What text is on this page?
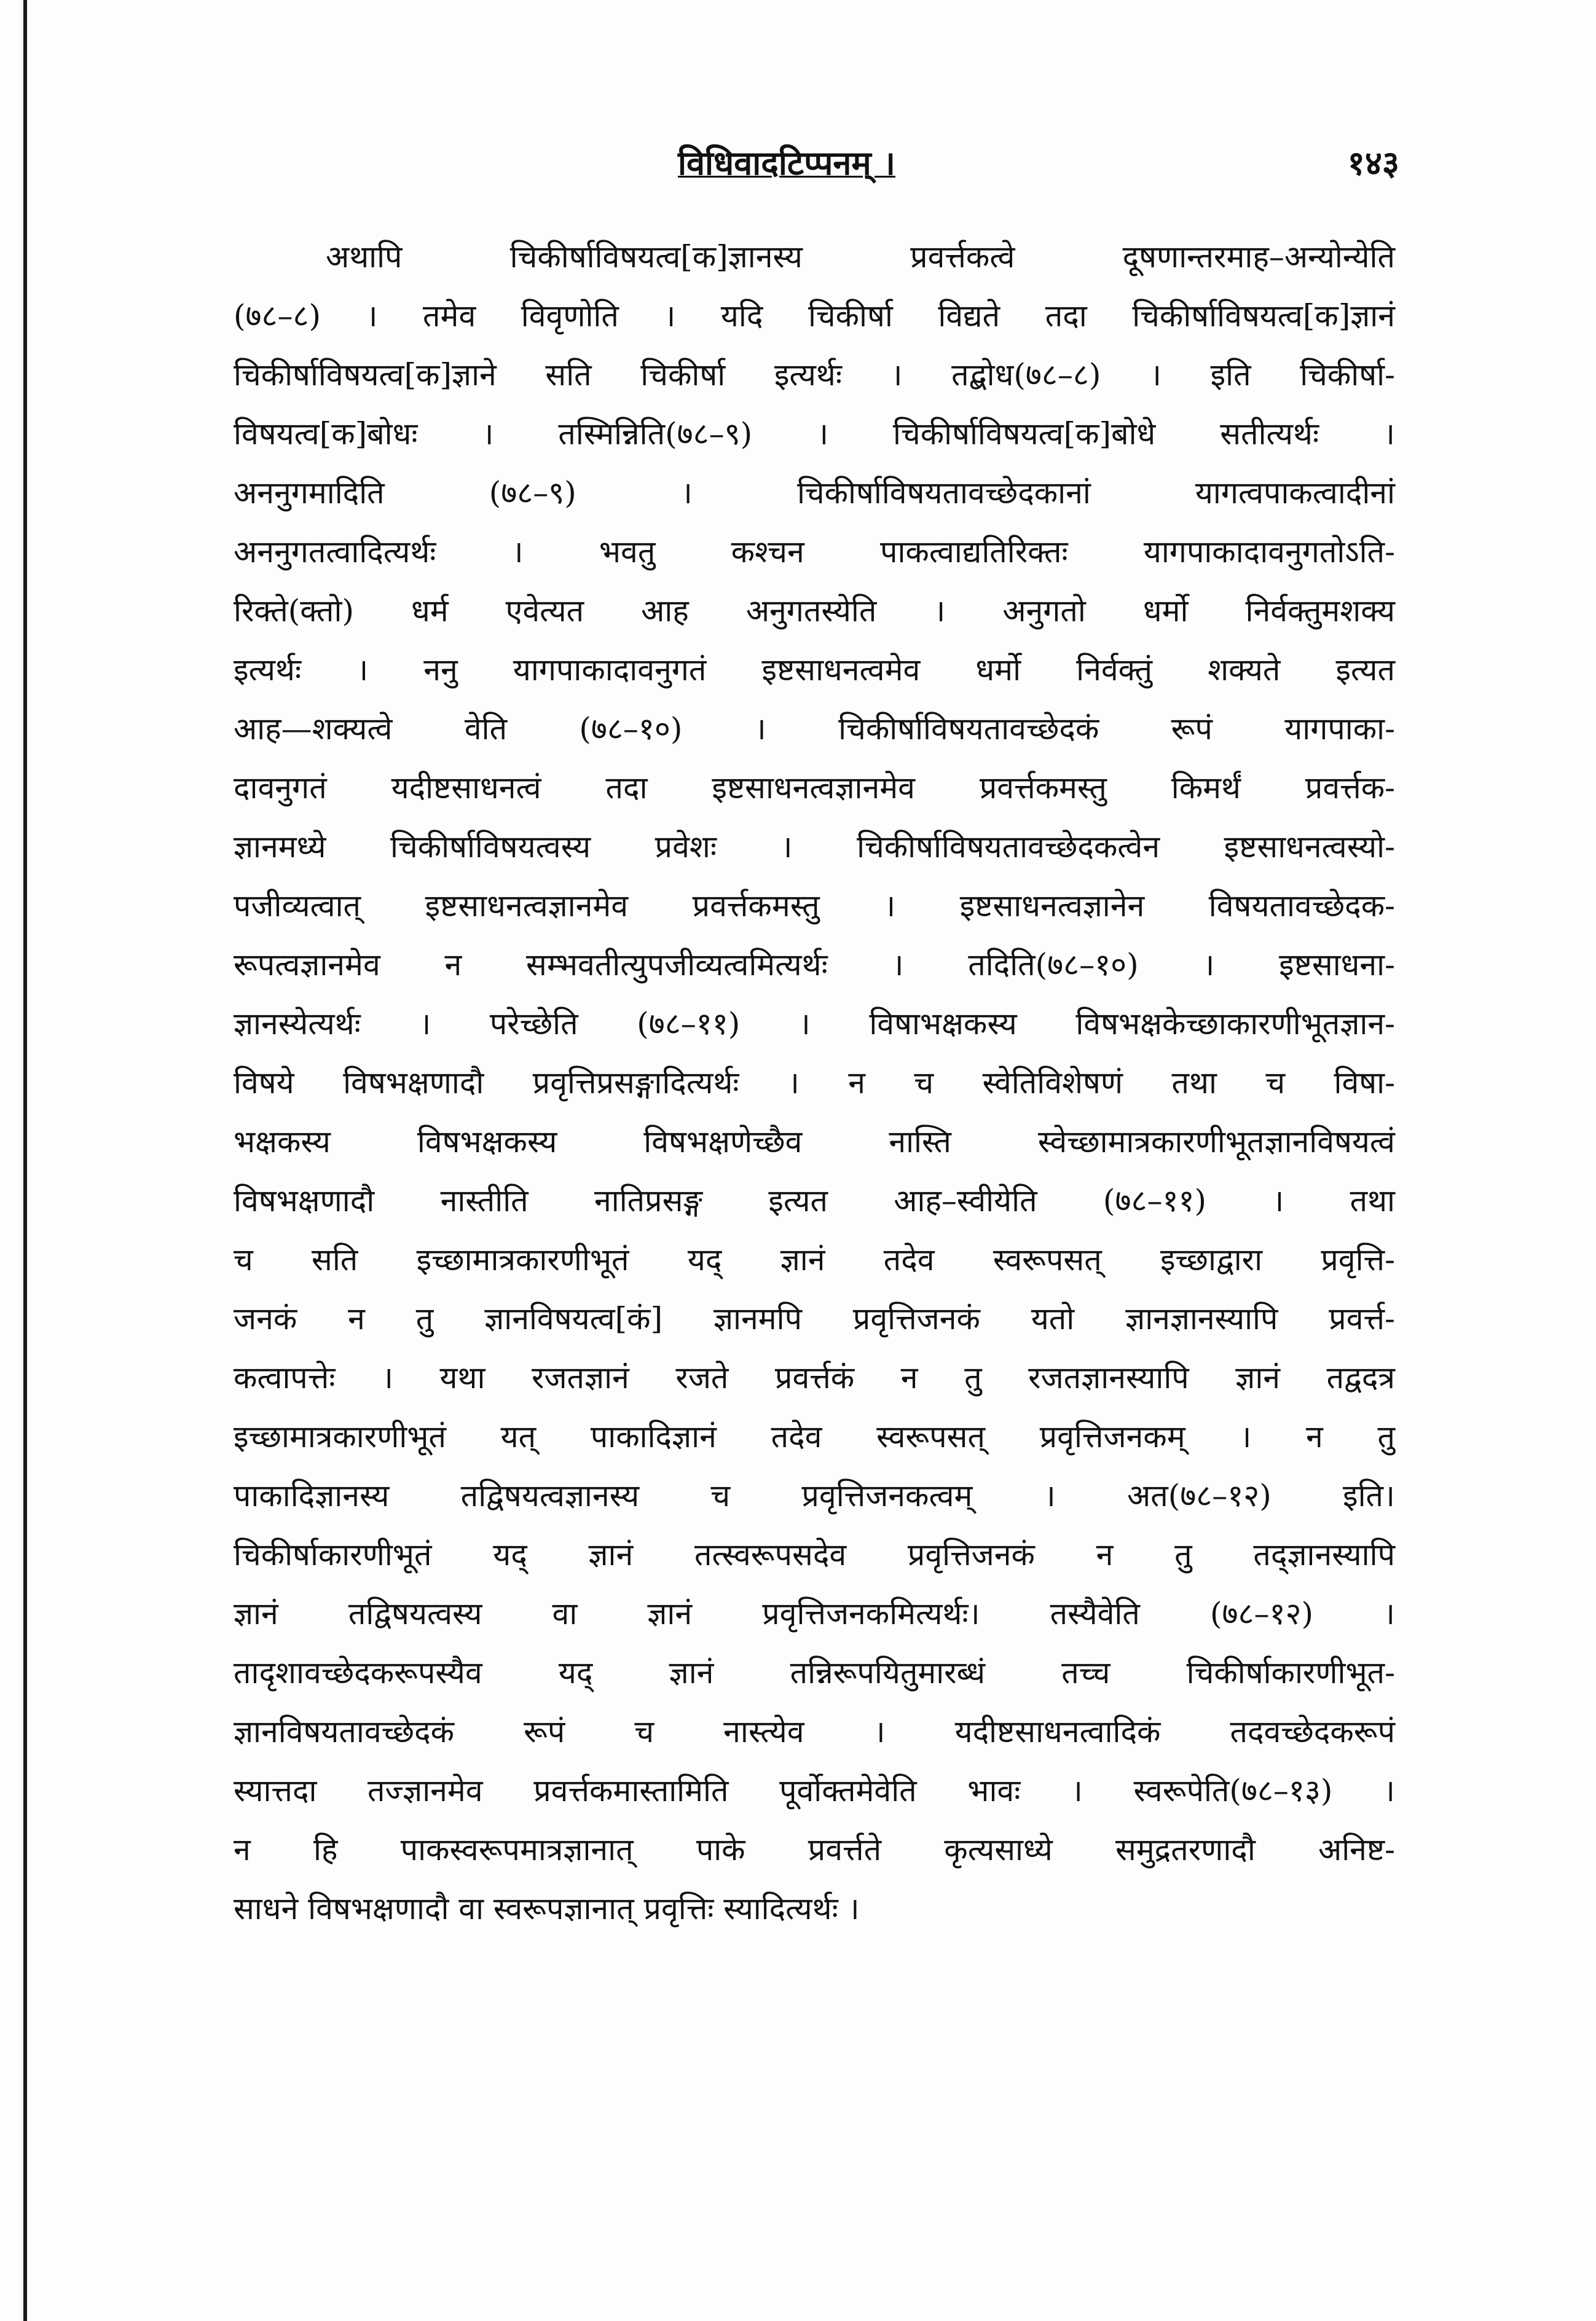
विधिवादटिप्पनम् ।	१४३
अथापि चिकीर्षाविषयत्व[क]ज्ञानस्य प्रवर्त्तकत्वे दूषणान्तरमाह–अन्योन्येति
(७८–८) । तमेव विवृणोति । यदि चिकीर्षा विद्यते तदा चिकीर्षाविषयत्व[क]ज्ञानं
चिकीर्षाविषयत्व[क]ज्ञाने सति चिकीर्षा इत्यर्थः । तद्बोध(७८–८) । इति चिकीर्षा-
विषयत्व[क]बोधः । तस्मिन्निति(७८–९) । चिकीर्षाविषयत्व[क]बोधे सतीत्यर्थः ।
अननुगमादिति (७८–९) । चिकीर्षाविषयतावच्छेदकानां यागत्वपाकत्वादीनां
अननुगतत्वादित्यर्थः । भवतु कश्चन पाकत्वाद्यतिरिक्तः यागपाकादावनुगतोऽति-
रिक्ते(क्तो) धर्म एवेत्यत आह अनुगतस्येति । अनुगतो धर्मो निर्वक्तुमशक्य
इत्यर्थः । ननु यागपाकादावनुगतं इष्टसाधनत्वमेव धर्मो निर्वक्तुं शक्यते इत्यत
आह—शक्यत्वे वेति (७८–१०) । चिकीर्षाविषयतावच्छेदकं रूपं यागपाका-
दावनुगतं यदीष्टसाधनत्वं तदा इष्टसाधनत्वज्ञानमेव प्रवर्त्तकमस्तु किमर्थं प्रवर्त्तक-
ज्ञानमध्ये चिकीर्षाविषयत्वस्य प्रवेशः । चिकीर्षाविषयतावच्छेदकत्वेन इष्टसाधनत्वस्यो-
पजीव्यत्वात् इष्टसाधनत्वज्ञानमेव प्रवर्त्तकमस्तु । इष्टसाधनत्वज्ञानेन विषयतावच्छेदक-
रूपत्वज्ञानमेव न सम्भवतीत्युपजीव्यत्वमित्यर्थः । तदिति(७८–१०) । इष्टसाधना-
ज्ञानस्येत्यर्थः । परेच्छेति (७८–११) । विषाभक्षकस्य विषभक्षकेच्छाकारणीभूतज्ञान-
विषये विषभक्षणादौ प्रवृत्तिप्रसङ्गादित्यर्थः । न च स्वेतिविशेषणं तथा च विषा-
भक्षकस्य विषभक्षकस्य विषभक्षणेच्छैव नास्ति स्वेच्छामात्रकारणीभूतज्ञानविषयत्वं
विषभक्षणादौ नास्तीति नातिप्रसङ्ग इत्यत आह–स्वीयेति (७८–११) । तथा
च सति इच्छामात्रकारणीभूतं यद् ज्ञानं तदेव स्वरूपसत् इच्छाद्वारा प्रवृत्ति-
जनकं न तु ज्ञानविषयत्व[कं] ज्ञानमपि प्रवृत्तिजनकं यतो ज्ञानज्ञानस्यापि प्रवर्त्त-
कत्वापत्तेः । यथा रजतज्ञानं रजते प्रवर्त्तकं न तु रजतज्ञानस्यापि ज्ञानं तद्वदत्र
इच्छामात्रकारणीभूतं यत् पाकादिज्ञानं तदेव स्वरूपसत् प्रवृत्तिजनकम् । न तु
पाकादिज्ञानस्य तद्विषयत्वज्ञानस्य च प्रवृत्तिजनकत्वम् । अत(७८–१२) इति।
चिकीर्षाकारणीभूतं यद् ज्ञानं तत्स्वरूपसदेव प्रवृत्तिजनकं न तु तद्ज्ञानस्यापि
ज्ञानं तद्विषयत्वस्य वा ज्ञानं प्रवृत्तिजनकमित्यर्थः। तस्यैवेति (७८–१२) ।
तादृशावच्छेदकरूपस्यैव यद् ज्ञानं तन्निरूपयितुमारब्धं तच्च चिकीर्षाकारणीभूत-
ज्ञानविषयतावच्छेदकं रूपं च नास्त्येव । यदीष्टसाधनत्वादिकं तदवच्छेदकरूपं
स्यात्तदा तज्ज्ञानमेव प्रवर्त्तकमास्तामिति पूर्वोक्तमेवेति भावः । स्वरूपेति(७८–१३) ।
न हि पाकस्वरूपमात्रज्ञानात् पाके प्रवर्त्तते कृत्यसाध्ये समुद्रतरणादौ अनिष्ट-
साधने विषभक्षणादौ वा स्वरूपज्ञानात् प्रवृत्तिः स्यादित्यर्थः ।
